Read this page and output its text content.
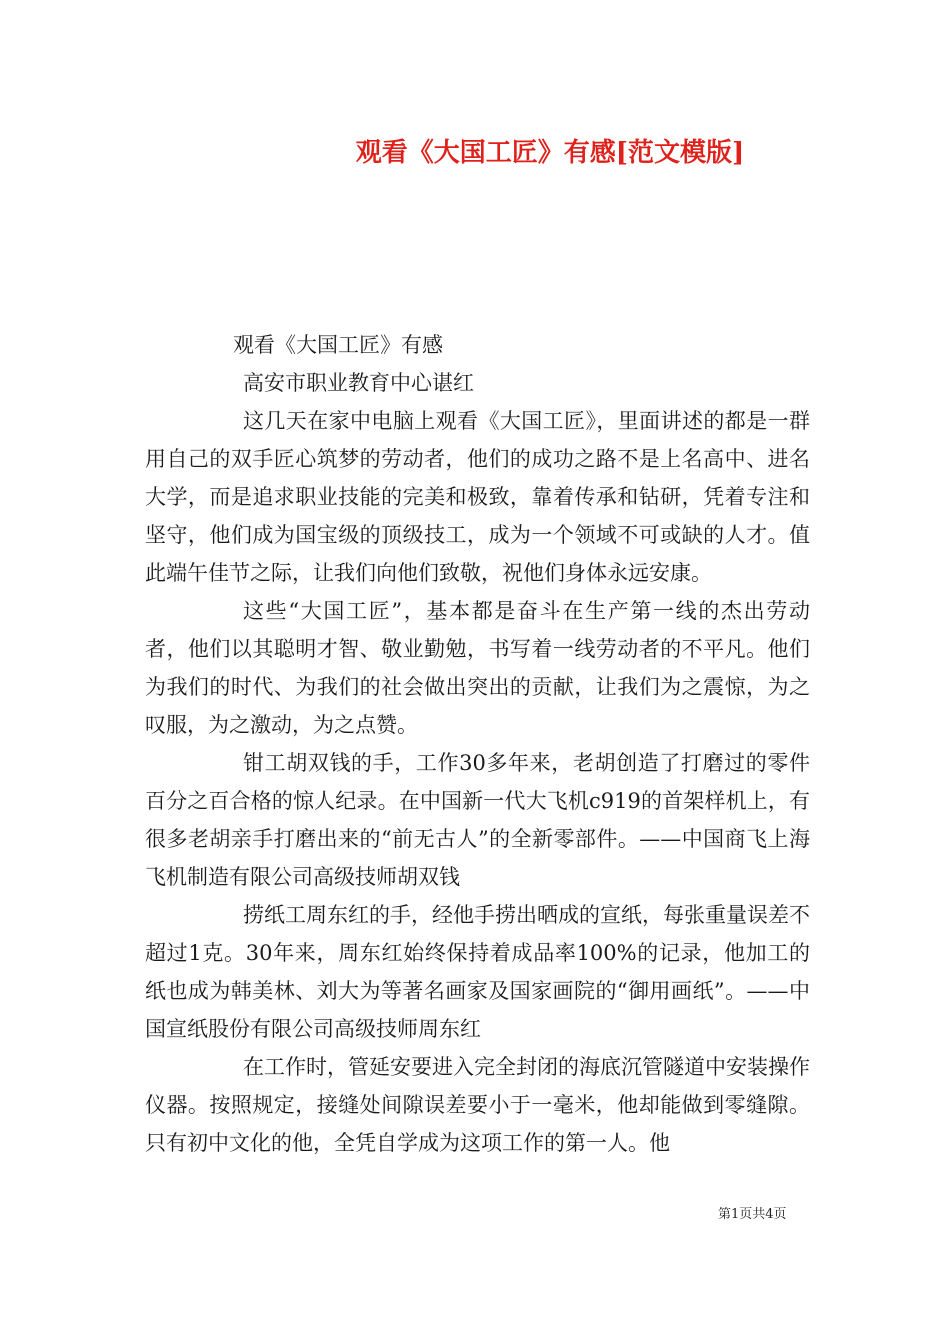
观看《大国工匠》有感[范文模版]

观看《大国工匠》有感

高安市职业教育中心谌红

这几天在家中电脑上观看《大国工匠》，里面讲述的都是一群用自己的双手匠心筑梦的劳动者，他们的成功之路不是上名高中、进名大学，而是追求职业技能的完美和极致，靠着传承和钻研，凭着专注和坚守，他们成为国宝级的顶级技工，成为一个领域不可或缺的人才。值此端午佳节之际，让我们向他们致敬，祝他们身体永远安康。

这些“大国工匠”，基本都是奋斗在生产第一线的杰出劳动者，他们以其聪明才智、敬业勤勉，书写着一线劳动者的不平凡。他们为我们的时代、为我们的社会做出突出的贡献，让我们为之震惊，为之叹服，为之激动，为之点赞。

钳工胡双钱的手，工作30多年来，老胡创造了打磨过的零件百分之百合格的惊人纪录。在中国新一代大飞机c919的首架样机上，有很多老胡亲手打磨出来的“前无古人”的全新零部件。——中国商飞上海飞机制造有限公司高级技师胡双钱

捞纸工周东红的手，经他手捞出晒成的宣纸，每张重量误差不超过1克。30年来，周东红始终保持着成品率100%的记录，他加工的纸也成为韩美林、刘大为等著名画家及国家画院的“御用画纸”。——中国宣纸股份有限公司高级技师周东红

在工作时，管延安要进入完全封闭的海底沉管隧道中安装操作仪器。按照规定，接缝处间隙误差要小于一毫米，他却能做到零缝隙。只有初中文化的他，全凭自学成为这项工作的第一人。他

第1页共4页
